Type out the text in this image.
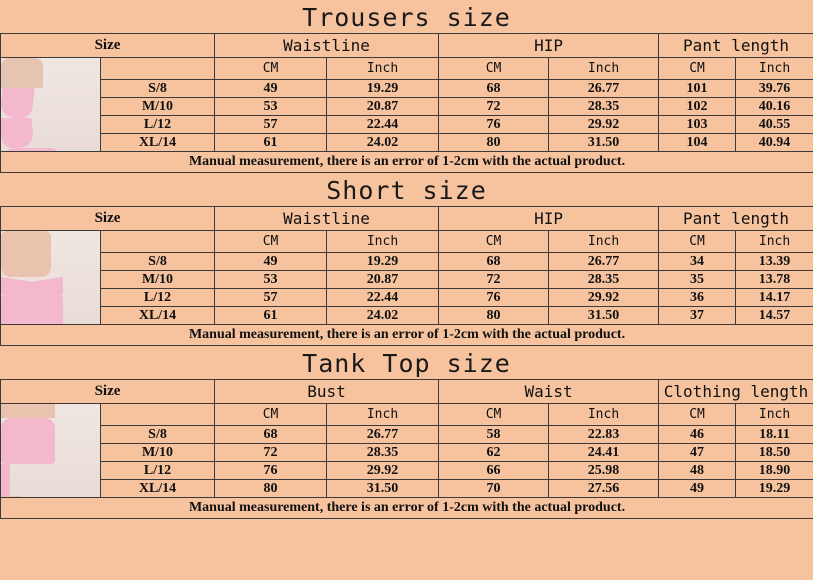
Trousers size
Size		Waistline		HIP		Pant length	

		CM	Inch	CM	Inch	CM	Inch
	S/8	49	19.29	68	26.77	101	39.76
	M/10	53	20.87	72	28.35	102	40.16
	L/12	57	22.44	76	29.92	103	40.55
	XL/14	61	24.02	80	31.50	104	40.94
Manual measurement, there is an error of 1-2cm with the actual product.							
Short size
Size		Waistline		HIP		Pant length	

		CM	Inch	CM	Inch	CM	Inch
	S/8	49	19.29	68	26.77	34	13.39
	M/10	53	20.87	72	28.35	35	13.78
	L/12	57	22.44	76	29.92	36	14.17
	XL/14	61	24.02	80	31.50	37	14.57
Manual measurement, there is an error of 1-2cm with the actual product.							
Tank Top size
Size		Bust		Waist		Clothing length	

		CM	Inch	CM	Inch	CM	Inch
	S/8	68	26.77	58	22.83	46	18.11
	M/10	72	28.35	62	24.41	47	18.50
	L/12	76	29.92	66	25.98	48	18.90
	XL/14	80	31.50	70	27.56	49	19.29
Manual measurement, there is an error of 1-2cm with the actual product.							
